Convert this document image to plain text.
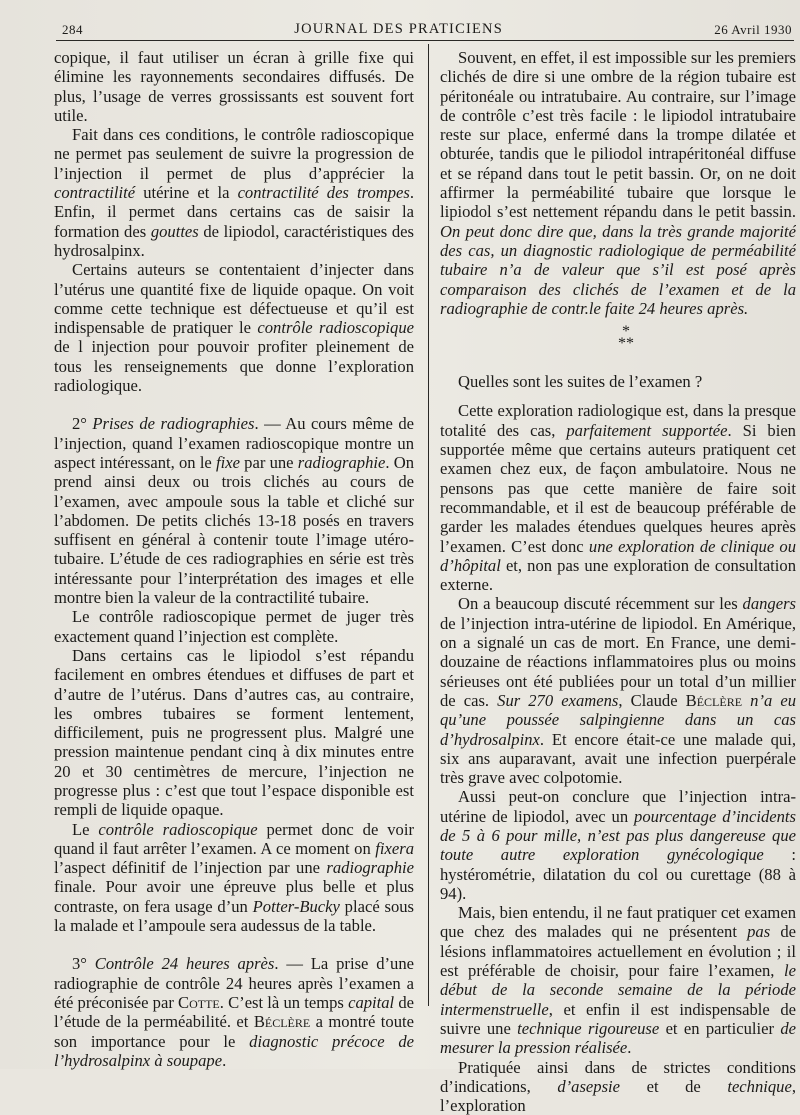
284	JOURNAL DES PRATICIENS	26 Avril 1930

copique, il faut utiliser un écran à grille fixe qui élimine les rayonnements secondaires diffusés. De plus, l’usage de verres grossissants est souvent fort utile.

Fait dans ces conditions, le contrôle radioscopique ne permet pas seulement de suivre la progression de l’injection il permet de plus d’apprécier la contractilité utérine et la contractilité des trompes. Enfin, il permet dans certains cas de saisir la formation des gouttes de lipiodol, caractéristiques des hydrosalpinx.

Certains auteurs se contentaient d’injecter dans l’utérus une quantité fixe de liquide opaque. On voit comme cette technique est défectueuse et qu’il est indispensable de pratiquer le contrôle radioscopique de l injection pour pouvoir profiter pleinement de tous les renseignements que donne l’exploration radiologique.

2° Prises de radiographies. — Au cours même de l’injection, quand l’examen radioscopique montre un aspect intéressant, on le fixe par une radiographie. On prend ainsi deux ou trois clichés au cours de l’examen, avec ampoule sous la table et cliché sur l’abdomen. De petits clichés 13-18 posés en travers suffisent en général à contenir toute l’image utéro-tubaire. L’étude de ces radiographies en série est très intéressante pour l’interprétation des images et elle montre bien la valeur de la contractilité tubaire.

Le contrôle radioscopique permet de juger très exactement quand l’injection est complète.

Dans certains cas le lipiodol s’est répandu facilement en ombres étendues et diffuses de part et d’autre de l’utérus. Dans d’autres cas, au contraire, les ombres tubaires se forment lentement, difficilement, puis ne progressent plus. Malgré une pression maintenue pendant cinq à dix minutes entre 20 et 30 centimètres de mercure, l’injection ne progresse plus : c’est que tout l’espace disponible est rempli de liquide opaque.

Le contrôle radioscopique permet donc de voir quand il faut arrêter l’examen. A ce moment on fixera l’aspect définitif de l’injection par une radiographie finale. Pour avoir une épreuve plus belle et plus contraste, on fera usage d’un Potter-Bucky placé sous la malade et l’ampoule sera audessus de la table.

3° Contrôle 24 heures après. — La prise d’une radiographie de contrôle 24 heures après l’examen a été préconisée par Cotte. C’est là un temps capital de l’étude de la perméabilité. et Béclère a montré toute son importance pour le diagnostic précoce de l’hydrosalpinx à soupape.

Souvent, en effet, il est impossible sur les premiers clichés de dire si une ombre de la région tubaire est péritonéale ou intratubaire. Au contraire, sur l’image de contrôle c’est très facile : le lipiodol intratubaire reste sur place, enfermé dans la trompe dilatée et obturée, tandis que le piliodol intrapéritonéal diffuse et se répand dans tout le petit bassin. Or, on ne doit affirmer la perméabilité tubaire que lorsque le lipiodol s’est nettement répandu dans le petit bassin. On peut donc dire que, dans la très grande majorité des cas, un diagnostic radiologique de perméabilité tubaire n’a de valeur que s’il est posé après comparaison des clichés de l’examen et de la radiographie de contr.le faite 24 heures après.

*
**

Quelles sont les suites de l’examen ?

Cette exploration radiologique est, dans la presque totalité des cas, parfaitement supportée. Si bien supportée même que certains auteurs pratiquent cet examen chez eux, de façon ambulatoire. Nous ne pensons pas que cette manière de faire soit recommandable, et il est de beaucoup préférable de garder les malades étendues quelques heures après l’examen. C’est donc une exploration de clinique ou d’hôpital et, non pas une exploration de consultation externe.

On a beaucoup discuté récemment sur les dangers de l’injection intra-utérine de lipiodol. En Amérique, on a signalé un cas de mort. En France, une demi-douzaine de réactions inflammatoires plus ou moins sérieuses ont été publiées pour un total d’un millier de cas. Sur 270 examens, Claude Béclère n’a eu qu’une poussée salpingienne dans un cas d’hydrosalpinx. Et encore était-ce une malade qui, six ans auparavant, avait une infection puerpérale très grave avec colpotomie.

Aussi peut-on conclure que l’injection intra-utérine de lipiodol, avec un pourcentage d’incidents de 5 à 6 pour mille, n’est pas plus dangereuse que toute autre exploration gynécologique : hystérométrie, dilatation du col ou curettage (88 à 94).

Mais, bien entendu, il ne faut pratiquer cet examen que chez des malades qui ne présentent pas de lésions inflammatoires actuellement en évolution ; il est préférable de choisir, pour faire l’examen, le début de la seconde semaine de la période intermenstruelle, et enfin il est indispensable de suivre une technique rigoureuse et en particulier de mesurer la pression réalisée.

Pratiquée ainsi dans de strictes conditions d’indications, d’asepsie et de technique, l’exploration
